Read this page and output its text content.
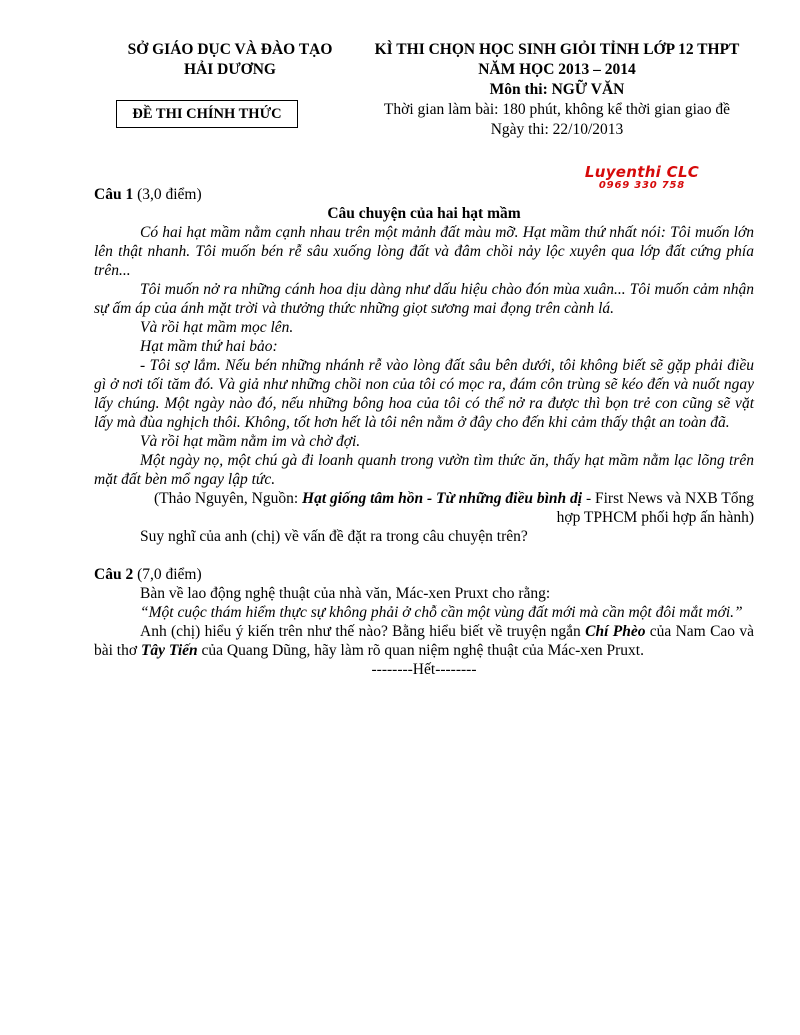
SỞ GIÁO DỤC VÀ ĐÀO TẠO
HẢI DƯƠNG
ĐỀ THI CHÍNH THỨC
KÌ THI CHỌN HỌC SINH GIỎI TỈNH LỚP 12 THPT
NĂM HỌC 2013 – 2014
Môn thi: NGỮ VĂN
Thời gian làm bài: 180 phút, không kể thời gian giao đề
Ngày thi: 22/10/2013
Luyenthi CLC
0969 330 758

Câu 1 (3,0 điểm)

Câu chuyện của hai hạt mầm

Có hai hạt mầm nằm cạnh nhau trên một mảnh đất màu mỡ. Hạt mầm thứ nhất nói: Tôi muốn lớn lên thật nhanh. Tôi muốn bén rễ sâu xuống lòng đất và đâm chồi nảy lộc xuyên qua lớp đất cứng phía trên...

Tôi muốn nở ra những cánh hoa dịu dàng như dấu hiệu chào đón mùa xuân... Tôi muốn cảm nhận sự ấm áp của ánh mặt trời và thưởng thức những giọt sương mai đọng trên cành lá.

Và rồi hạt mầm mọc lên.

Hạt mầm thứ hai bảo:

- Tôi sợ lắm. Nếu bén những nhánh rễ vào lòng đất sâu bên dưới, tôi không biết sẽ gặp phải điều gì ở nơi tối tăm đó. Và giả như những chồi non của tôi có mọc ra, đám côn trùng sẽ kéo đến và nuốt ngay lấy chúng. Một ngày nào đó, nếu những bông hoa của tôi có thể nở ra được thì bọn trẻ con cũng sẽ vặt lấy mà đùa nghịch thôi. Không, tốt hơn hết là tôi nên nằm ở đây cho đến khi cảm thấy thật an toàn đã.

Và rồi hạt mầm nằm im và chờ đợi.

Một ngày nọ, một chú gà đi loanh quanh trong vườn tìm thức ăn, thấy hạt mầm nằm lạc lõng trên mặt đất bèn mổ ngay lập tức.

(Thảo Nguyên, Nguồn: Hạt giống tâm hồn - Từ những điều bình dị - First News và NXB Tổng
hợp TPHCM phối hợp ấn hành)

Suy nghĩ của anh (chị) về vấn đề đặt ra trong câu chuyện trên?

Câu 2 (7,0 điểm)

Bàn về lao động nghệ thuật của nhà văn, Mác-xen Pruxt cho rằng:

“Một cuộc thám hiểm thực sự không phải ở chỗ cần một vùng đất mới mà cần một đôi mắt mới.”

Anh (chị) hiểu ý kiến trên như thế nào? Bằng hiểu biết về truyện ngắn Chí Phèo của Nam Cao và bài thơ Tây Tiến của Quang Dũng, hãy làm rõ quan niệm nghệ thuật của Mác-xen Pruxt.

--------Hết--------
